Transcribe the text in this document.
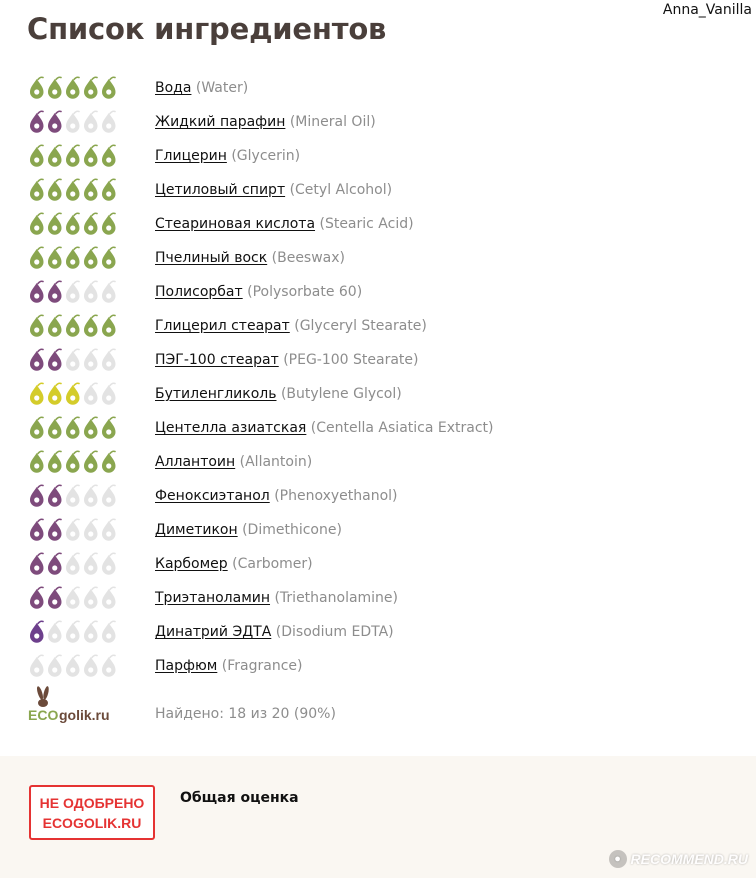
Anna_Vanilla
Список ингредиентов
Вода (Water)
Жидкий парафин (Mineral Oil)
Глицерин (Glycerin)
Цетиловый спирт (Cetyl Alcohol)
Стеариновая кислота (Stearic Acid)
Пчелиный воск (Beeswax)
Полисорбат (Polysorbate 60)
Глицерил стеарат (Glyceryl Stearate)
ПЭГ-100 стеарат (PEG-100 Stearate)
Бутиленгликоль (Butylene Glycol)
Центелла азиатская (Centella Asiatica Extract)
Аллантоин (Allantoin)
Феноксиэтанол (Phenoxyethanol)
Диметикон (Dimethicone)
Карбомер (Carbomer)
Триэтаноламин (Triethanolamine)
Динатрий ЭДТА (Disodium EDTA)
Парфюм (Fragrance)
ECO golik.ru	Найдено: 18 из 20 (90%)
НЕ ОДОБРЕНО
ECOGOLIK.RU
Общая оценка
● RECOMMEND.RU
